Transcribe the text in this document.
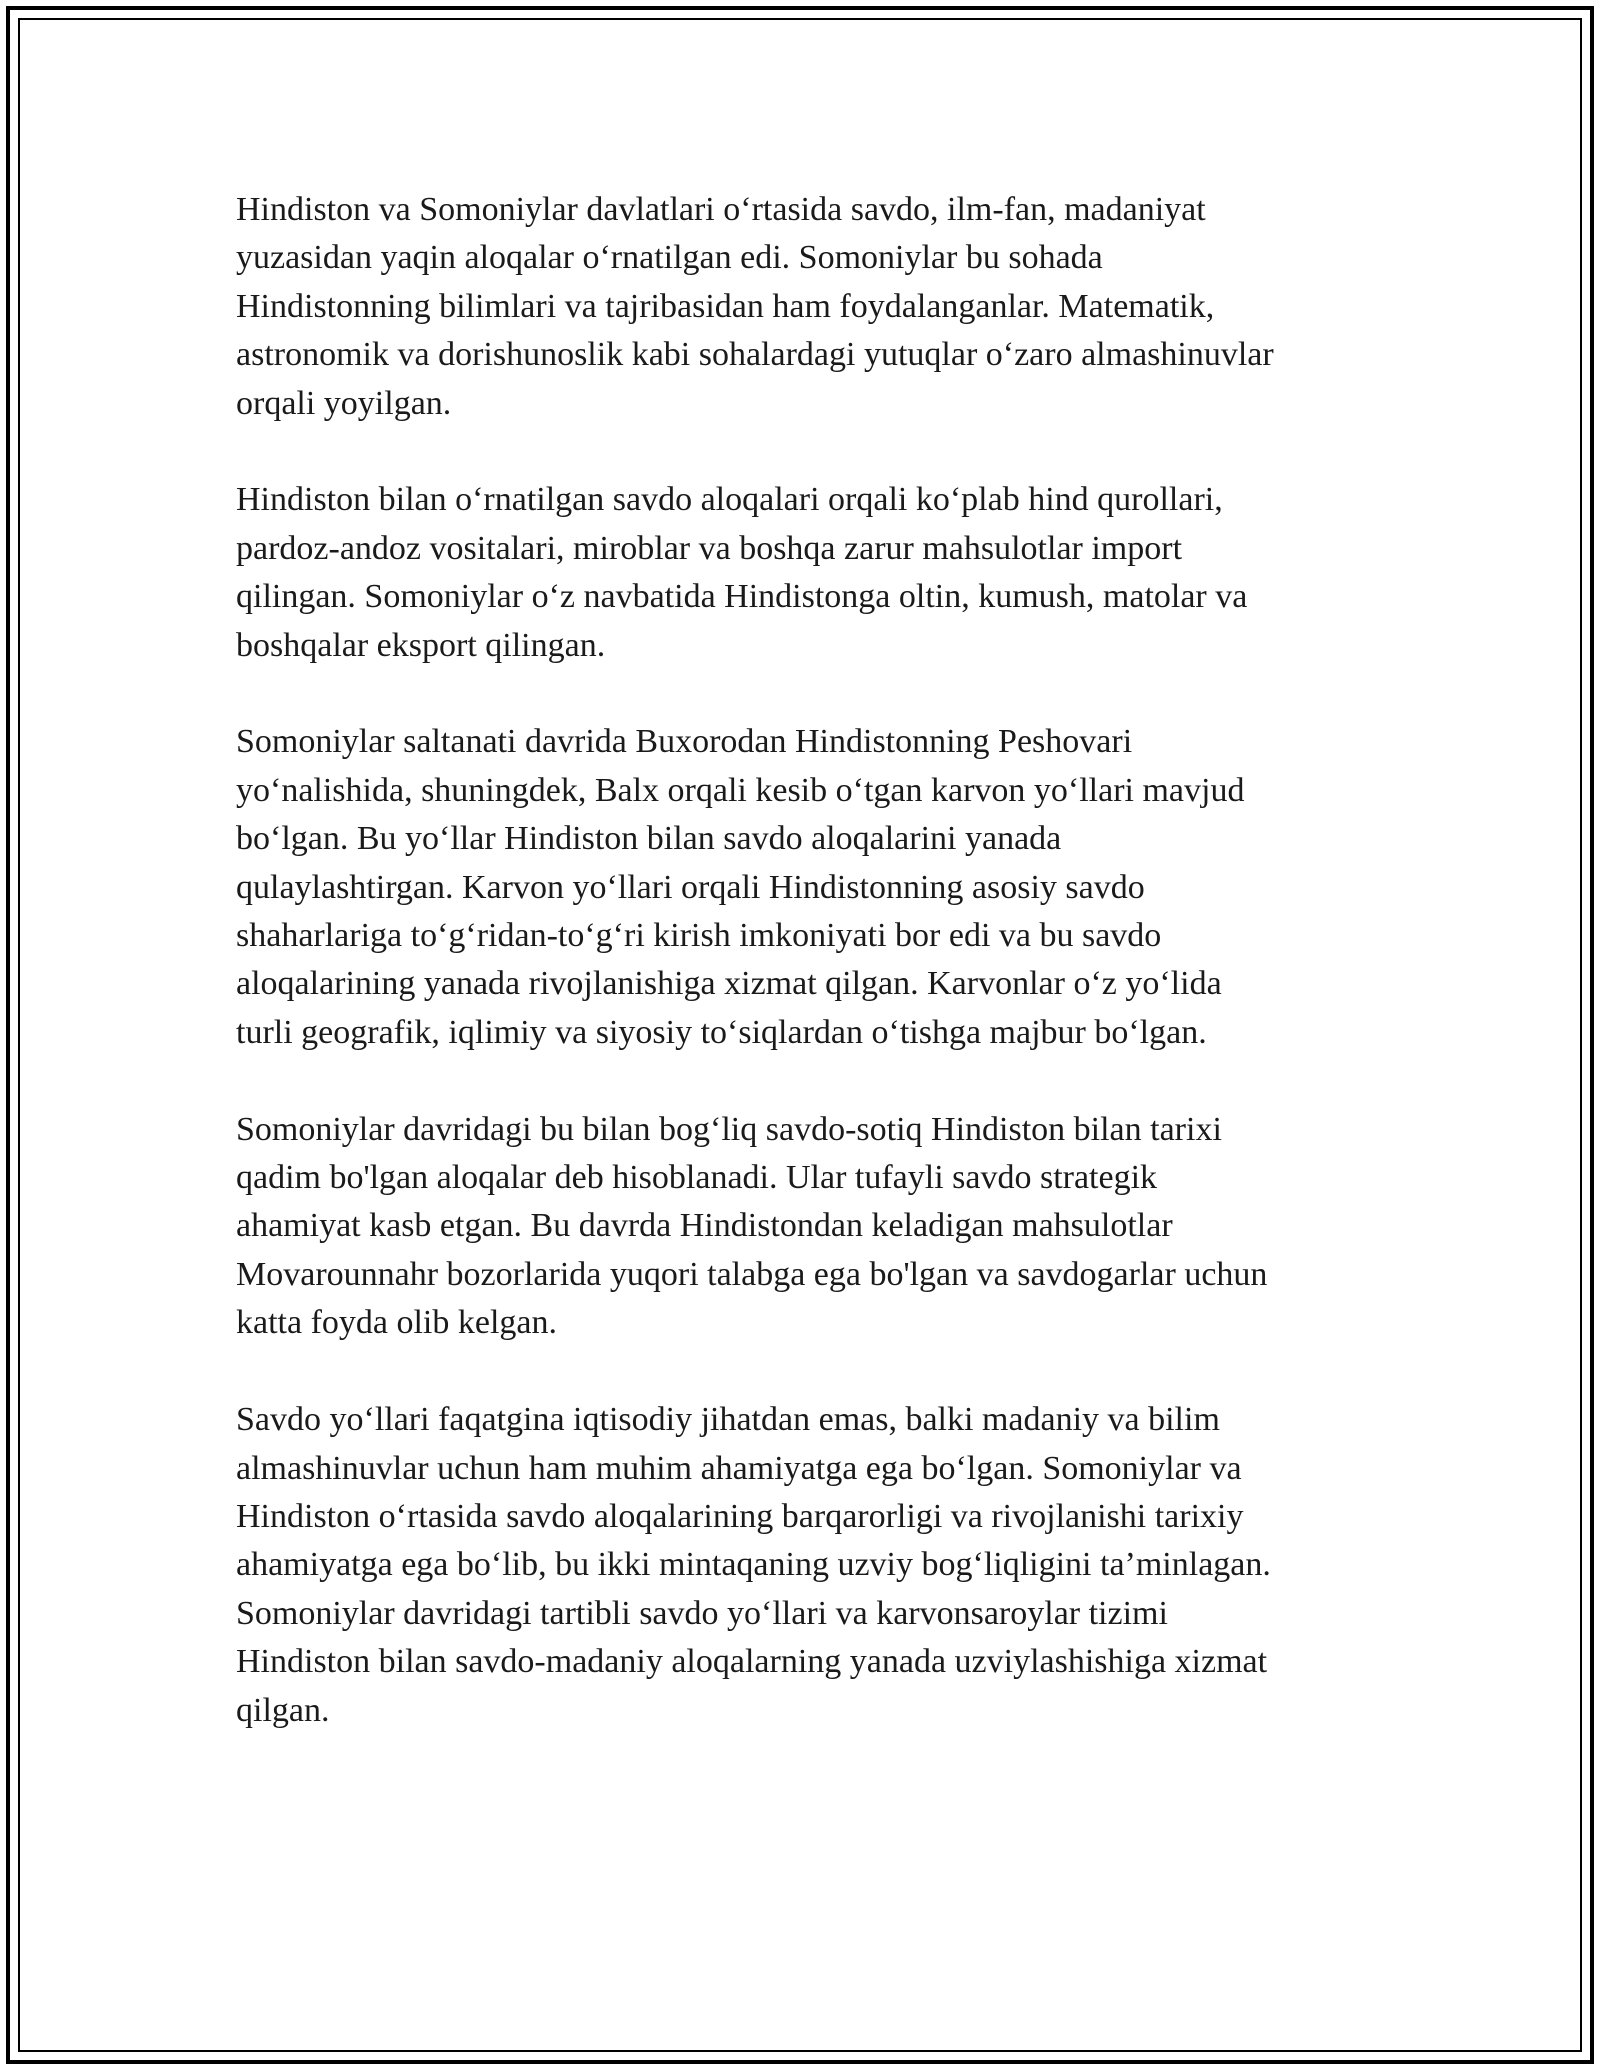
Hindiston va Somoniylar davlatlari o‘rtasida savdo, ilm-fan, madaniyat
yuzasidan yaqin aloqalar o‘rnatilgan edi. Somoniylar bu sohada
Hindistonning bilimlari va tajribasidan ham foydalanganlar. Matematik,
astronomik va dorishunoslik kabi sohalardagi yutuqlar o‘zaro almashinuvlar
orqali yoyilgan.

Hindiston bilan o‘rnatilgan savdo aloqalari orqali ko‘plab hind qurollari,
pardoz-andoz vositalari, miroblar va boshqa zarur mahsulotlar import
qilingan. Somoniylar o‘z navbatida Hindistonga oltin, kumush, matolar va
boshqalar eksport qilingan.

Somoniylar saltanati davrida Buxorodan Hindistonning Peshovari
yo‘nalishida, shuningdek, Balx orqali kesib o‘tgan karvon yo‘llari mavjud
bo‘lgan. Bu yo‘llar Hindiston bilan savdo aloqalarini yanada
qulaylashtirgan. Karvon yo‘llari orqali Hindistonning asosiy savdo
shaharlariga to‘g‘ridan-to‘g‘ri kirish imkoniyati bor edi va bu savdo
aloqalarining yanada rivojlanishiga xizmat qilgan. Karvonlar o‘z yo‘lida
turli geografik, iqlimiy va siyosiy to‘siqlardan o‘tishga majbur bo‘lgan.

Somoniylar davridagi bu bilan bog‘liq savdo-sotiq Hindiston bilan tarixi
qadim bo'lgan aloqalar deb hisoblanadi. Ular tufayli savdo strategik
ahamiyat kasb etgan. Bu davrda Hindistondan keladigan mahsulotlar
Movarounnahr bozorlarida yuqori talabga ega bo'lgan va savdogarlar uchun
katta foyda olib kelgan.

Savdo yo‘llari faqatgina iqtisodiy jihatdan emas, balki madaniy va bilim
almashinuvlar uchun ham muhim ahamiyatga ega bo‘lgan. Somoniylar va
Hindiston o‘rtasida savdo aloqalarining barqarorligi va rivojlanishi tarixiy
ahamiyatga ega bo‘lib, bu ikki mintaqaning uzviy bog‘liqligini ta’minlagan.
Somoniylar davridagi tartibli savdo yo‘llari va karvonsaroylar tizimi
Hindiston bilan savdo-madaniy aloqalarning yanada uzviylashishiga xizmat
qilgan.
